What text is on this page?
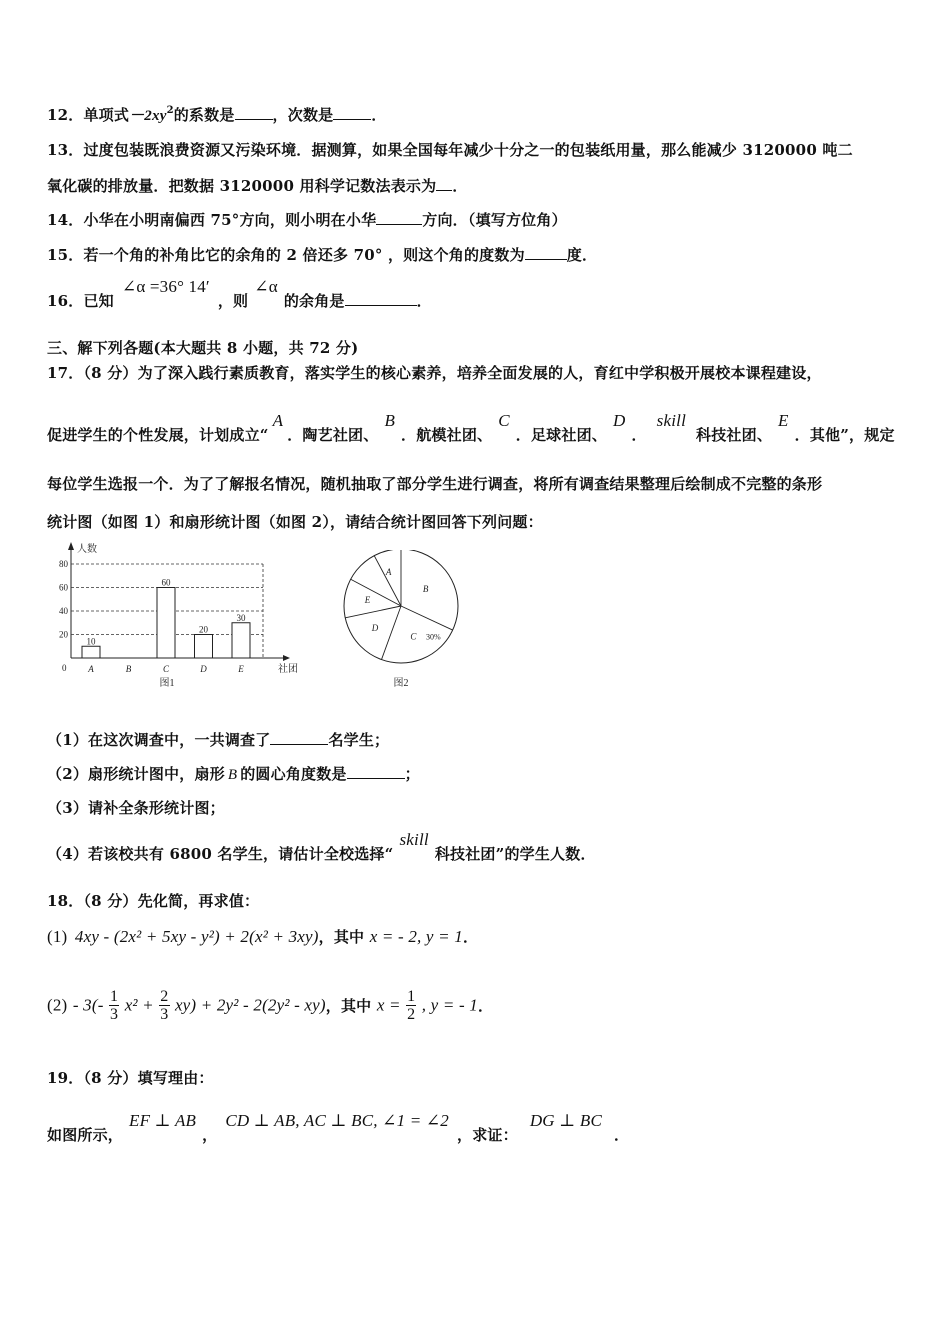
12．单项式$-2xy^2$的系数是	，次数是	．
13．过度包装既浪费资源又污染环境．据测算，如果全国每年减少十分之一的包装纸用量，那么能减少 3120000 吨二
氧化碳的排放量．把数据 3120000 用科学记数法表示为 ．
14．小华在小明南偏西 75°方向，则小明在小华	方向．（填写方位角）
15．若一个角的补角比它的余角的 2 倍还多 70° ，则这个角的度数为	度．
16．已知∠α =36° 14′，则∠α的余角是	．
三、解下列各题(本大题共 8 小题，共 72 分)
17．（8 分）为了深入践行素质教育，落实学生的核心素养，培养全面发展的人，育红中学积极开展校本课程建设，
促进学生的个性发展，计划成立“A．陶艺社团、B．航模社团、C．足球社团、D．skill科技社团、E．其他”，规定
每位学生选报一个．为了了解报名情况，随机抽取了部分学生进行调查，将所有调查结果整理后绘制成不完整的条形
统计图（如图 1）和扇形统计图（如图 2），请结合统计图回答下列问题：
人数
社团
0
20
40
60
80
A
10
B	C
60
D
20
E
30
图1
A
B
C 30%
D
E
图2
（1）在这次调查中，一共调查了	名学生；
（2）扇形统计图中，扇形 B 的圆心角度数是	；
（3）请补全条形统计图；
（4）若该校共有 6800 名学生，请估计全校选择“skill科技社团”的学生人数．
18．（8 分）先化简，再求值：
(1) 4xy - (2x² + 5xy - y²) + 2(x² + 3xy)，其中 x = - 2, y = 1．
$(2) - 3(- \frac{1}{3} x^2 + \frac{2}{3} xy) + 2y^2 - 2(2y^2 - xy)$，其中 $x = \frac{1}{2}$ , y = - 1．
19．（8 分）填写理由：
如图所示，EF ⊥ AB，CD ⊥ AB, AC ⊥ BC, ∠1 = ∠2，求证：DG ⊥ BC．
